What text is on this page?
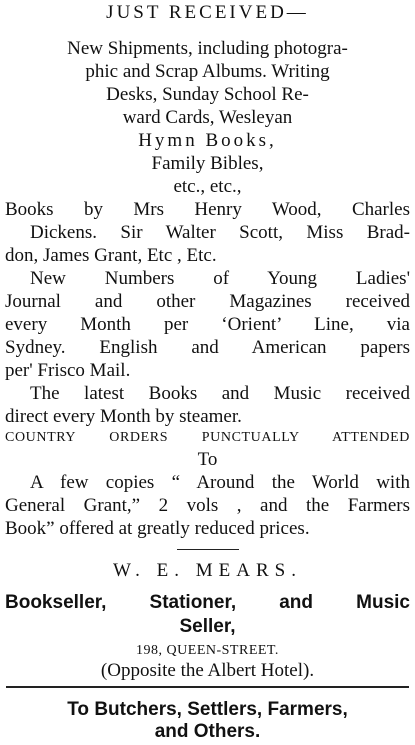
JUST RECEIVED—
New Shipments, including photogra-
phic and Scrap Albums. Writing
Desks, Sunday School Re-
ward Cards, Wesleyan
Hymn Books,
Family Bibles,
etc., etc.,
Books by Mrs Henry Wood, Charles
Dickens. Sir Walter Scott, Miss Brad-
don, James Grant, Etc , Etc.
New Numbers of Young Ladies'
Journal and other Magazines received
every Month per ‘Orient’ Line, via
Sydney. English and American papers
per' Frisco Mail.
The latest Books and Music received
direct every Month by steamer.
COUNTRY ORDERS PUNCTUALLY ATTENDED
To
A few copies “ Around the World with
General Grant,” 2 vols , and the Farmers
Book” offered at greatly reduced prices.
W. E. MEARS.
Bookseller, Stationer, and Music
Seller,
198, QUEEN-STREET.
(Opposite the Albert Hotel).
To Butchers, Settlers, Farmers,
and Others.
